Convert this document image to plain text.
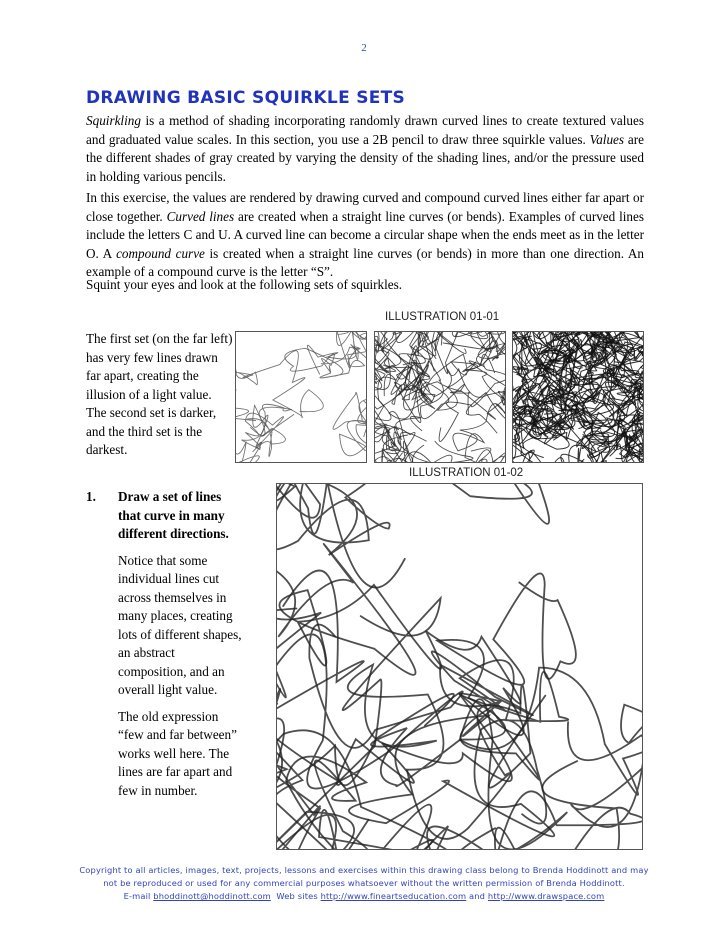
2
DRAWING BASIC SQUIRKLE SETS

Squirkling is a method of shading incorporating randomly drawn curved lines to create textured values and graduated value scales. In this section, you use a 2B pencil to draw three squirkle values. Values are the different shades of gray created by varying the density of the shading lines, and/or the pressure used in holding various pencils.

In this exercise, the values are rendered by drawing curved and compound curved lines either far apart or close together. Curved lines are created when a straight line curves (or bends). Examples of curved lines include the letters C and U. A curved line can become a circular shape when the ends meet as in the letter O. A compound curve is created when a straight line curves (or bends) in more than one direction. An example of a compound curve is the letter “S”.

Squint your eyes and look at the following sets of squirkles.

ILLUSTRATION 01-01

The first set (on the far left) has very few lines drawn far apart, creating the illusion of a light value. The second set is darker, and the third set is the darkest.

ILLUSTRATION 01-02
1. Draw a set of lines that curve in many different directions.

Notice that some individual lines cut across themselves in many places, creating lots of different shapes, an abstract composition, and an overall light value.

The old expression “few and far between” works well here. The lines are far apart and few in number.

Copyright to all articles, images, text, projects, lessons and exercises within this drawing class belong to Brenda Hoddinott and may
not be reproduced or used for any commercial purposes whatsoever without the written permission of Brenda Hoddinott.
E-mail bhoddinott@hoddinott.com  Web sites http://www.fineartseducation.com and http://www.drawspace.com
